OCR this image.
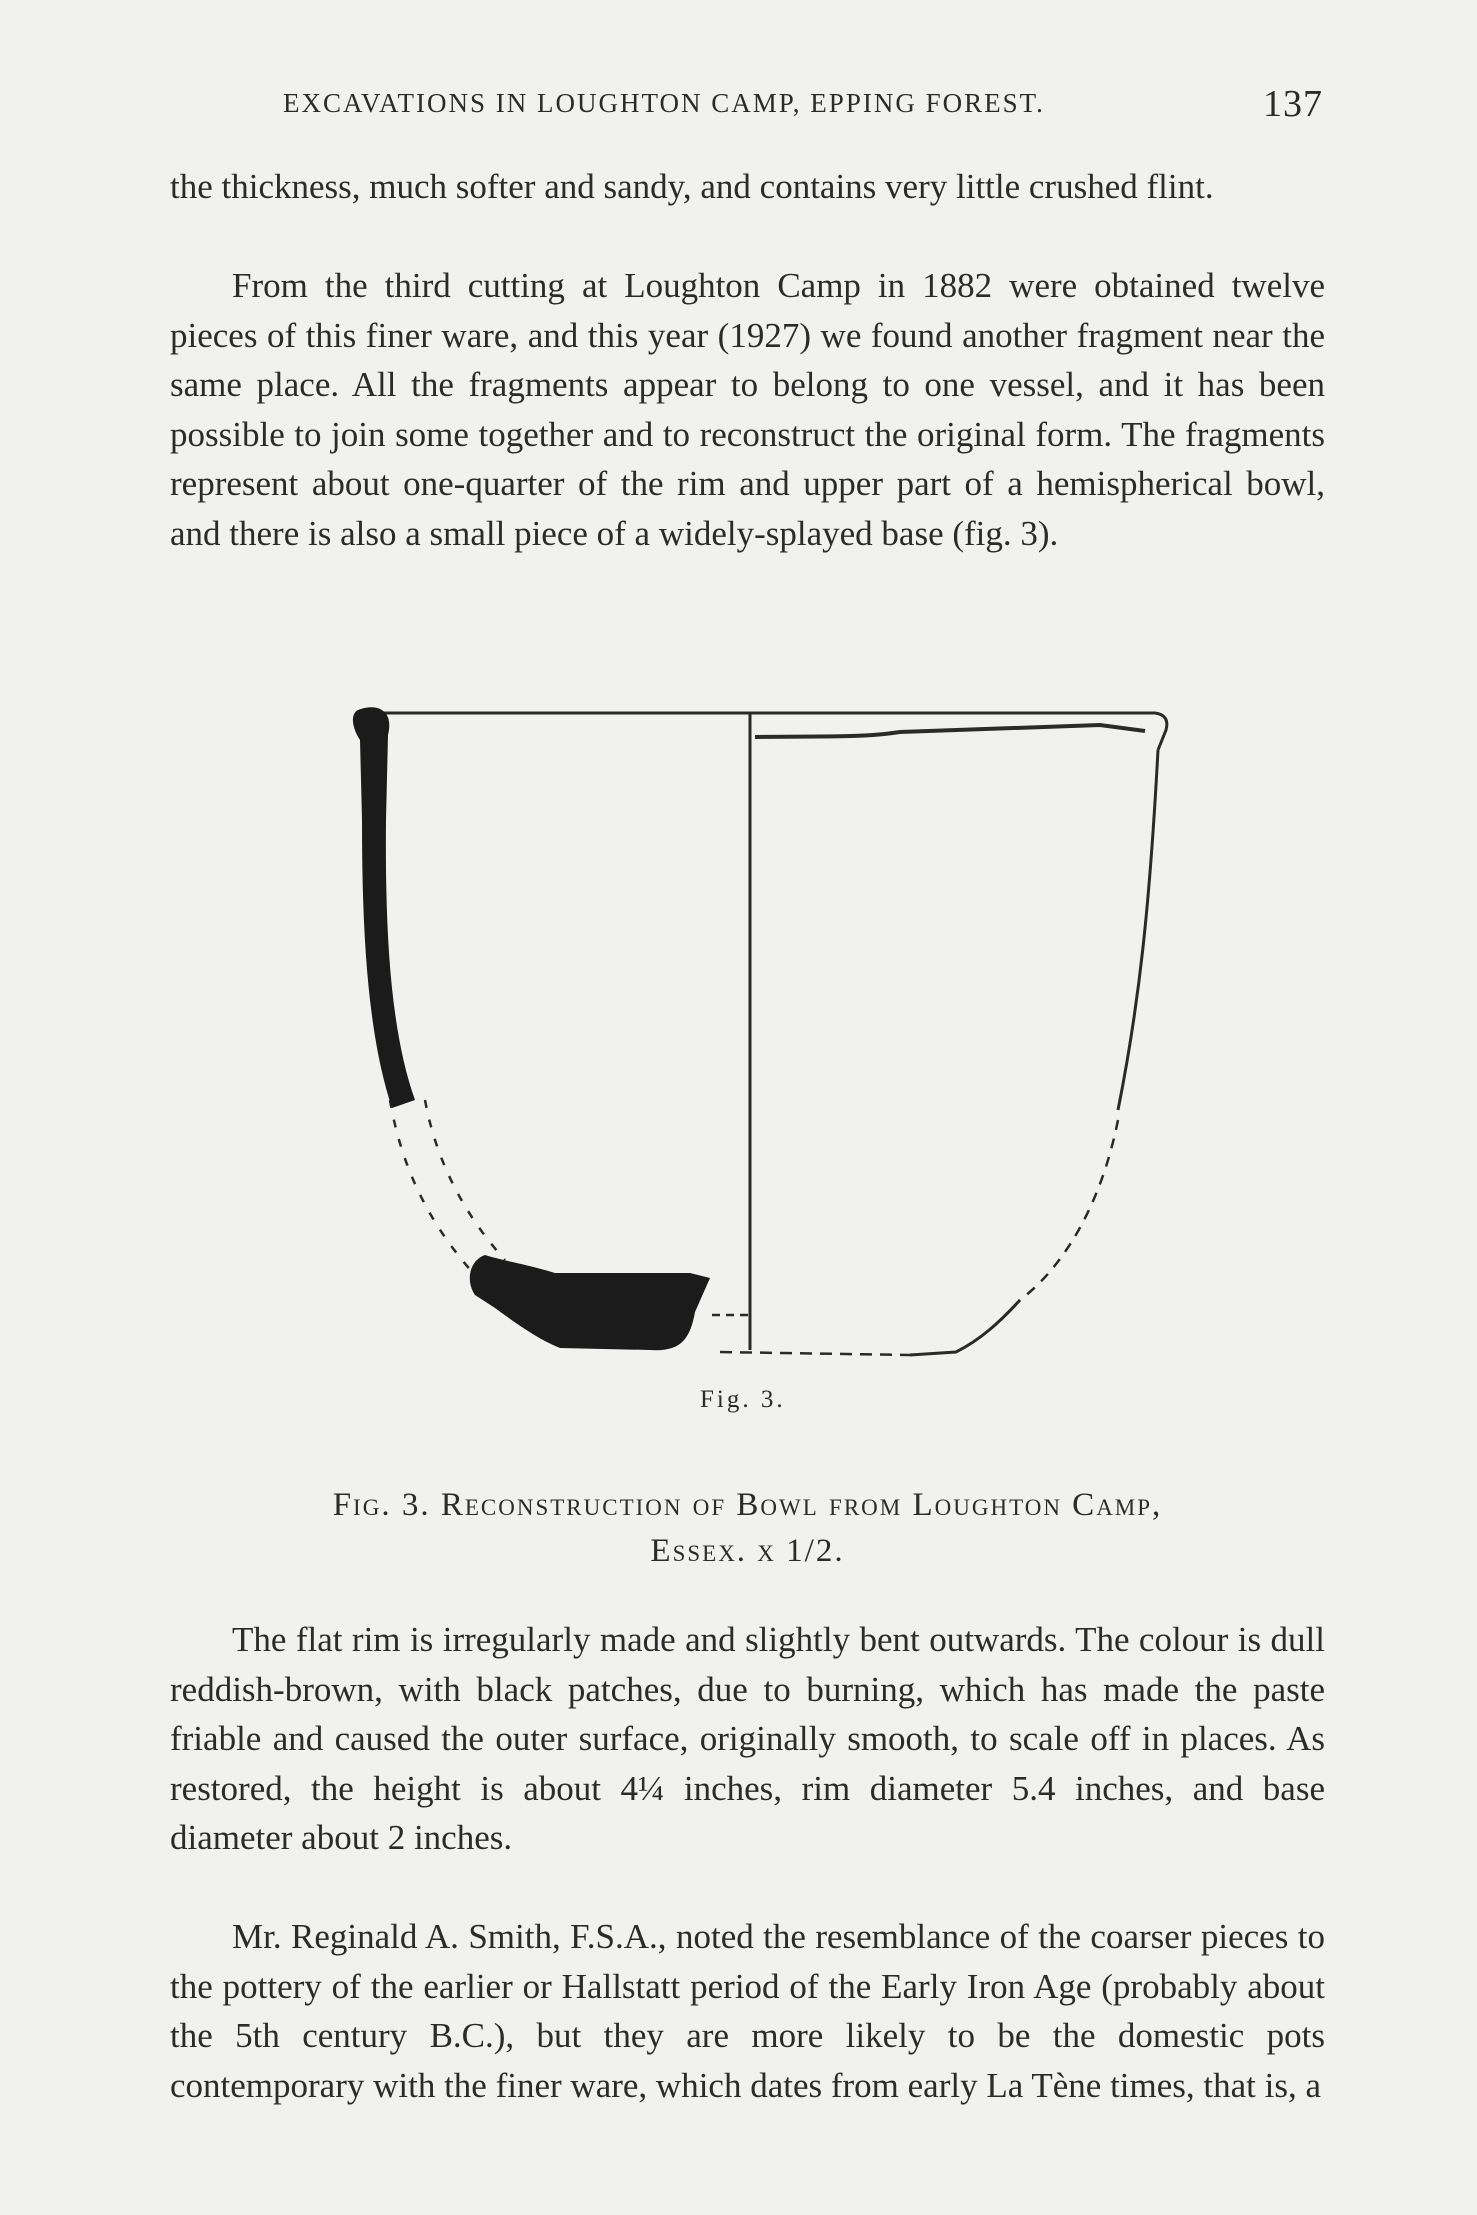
EXCAVATIONS IN LOUGHTON CAMP, EPPING FOREST.	137

the thickness, much softer and sandy, and contains very little crushed flint.

From the third cutting at Loughton Camp in 1882 were obtained twelve pieces of this finer ware, and this year (1927) we found another fragment near the same place. All the fragments appear to belong to one vessel, and it has been possible to join some together and to reconstruct the original form. The fragments represent about one-quarter of the rim and upper part of a hemispherical bowl, and there is also a small piece of a widely-splayed base (fig. 3).

Fig. 3.

Fig. 3. Reconstruction of Bowl from Loughton Camp,
Essex. x 1/2.

The flat rim is irregularly made and slightly bent outwards. The colour is dull reddish-brown, with black patches, due to burning, which has made the paste friable and caused the outer surface, originally smooth, to scale off in places. As restored, the height is about 4¼ inches, rim diameter 5.4 inches, and base diameter about 2 inches.

Mr. Reginald A. Smith, F.S.A., noted the resemblance of the coarser pieces to the pottery of the earlier or Hallstatt period of the Early Iron Age (probably about the 5th century B.C.), but they are more likely to be the domestic pots contemporary with the finer ware, which dates from early La Tène times, that is, a
